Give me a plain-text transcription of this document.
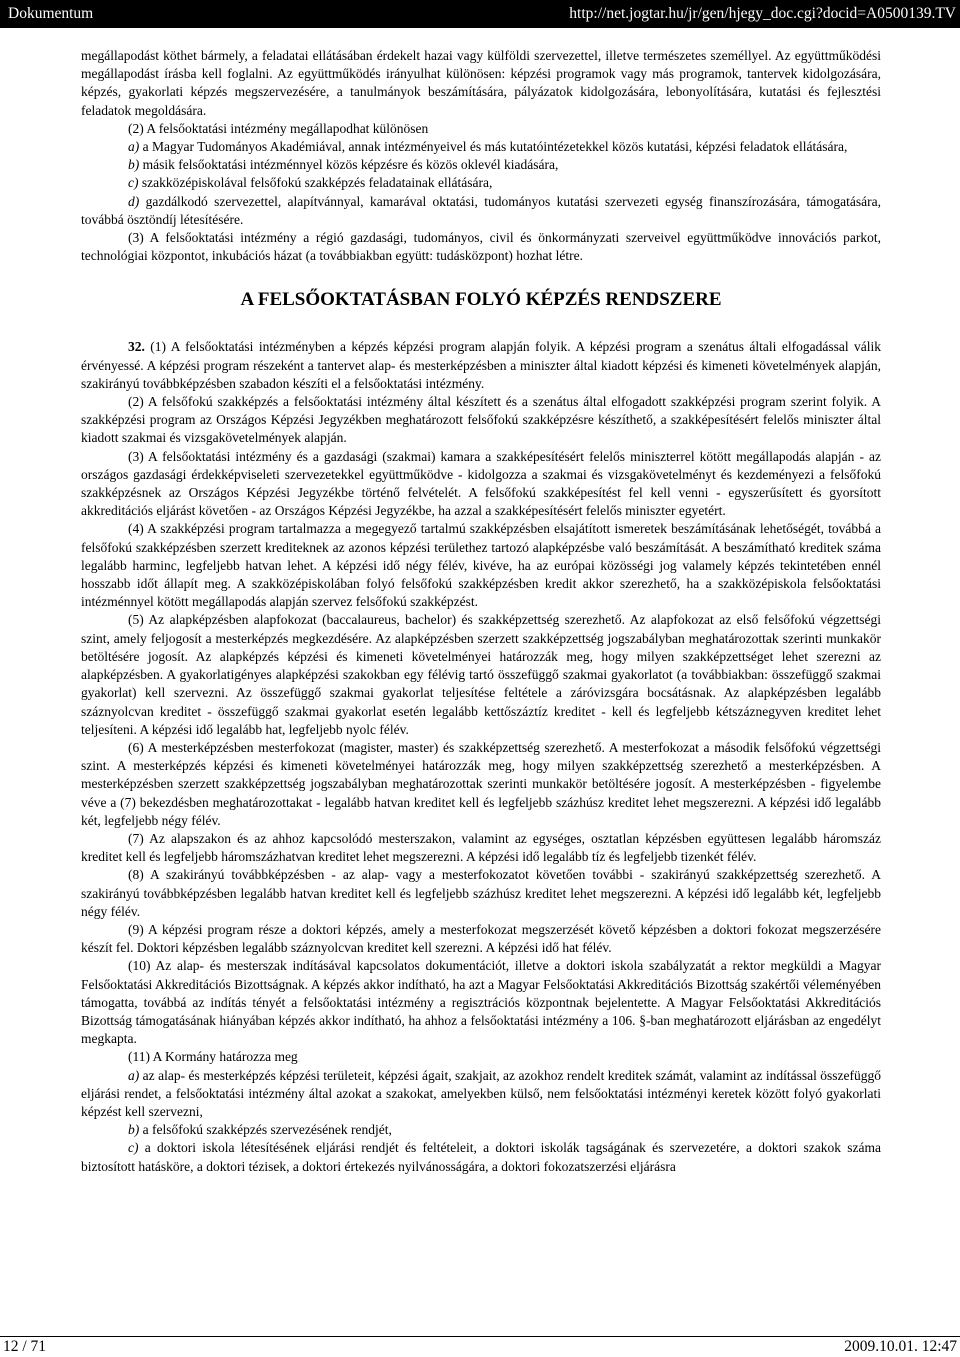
Dokumentum	http://net.jogtar.hu/jr/gen/hjegy_doc.cgi?docid=A0500139.TV

megállapodást köthet bármely, a feladatai ellátásában érdekelt hazai vagy külföldi szervezettel, illetve természetes személlyel. Az együttműködési megállapodást írásba kell foglalni. Az együttműködés irányulhat különösen: képzési programok vagy más programok, tantervek kidolgozására, képzés, gyakorlati képzés megszervezésére, a tanulmányok beszámítására, pályázatok kidolgozására, lebonyolítására, kutatási és fejlesztési feladatok megoldására.

(2) A felsőoktatási intézmény megállapodhat különösen

a) a Magyar Tudományos Akadémiával, annak intézményeivel és más kutatóintézetekkel közös kutatási, képzési feladatok ellátására,

b) másik felsőoktatási intézménnyel közös képzésre és közös oklevél kiadására,

c) szakközépiskolával felsőfokú szakképzés feladatainak ellátására,

d) gazdálkodó szervezettel, alapítvánnyal, kamarával oktatási, tudományos kutatási szervezeti egység finanszírozására, támogatására, továbbá ösztöndíj létesítésére.

(3) A felsőoktatási intézmény a régió gazdasági, tudományos, civil és önkormányzati szerveivel együttműködve innovációs parkot, technológiai központot, inkubációs házat (a továbbiakban együtt: tudásközpont) hozhat létre.

A FELSŐOKTATÁSBAN FOLYÓ KÉPZÉS RENDSZERE

32. (1) A felsőoktatási intézményben a képzés képzési program alapján folyik. A képzési program a szenátus általi elfogadással válik érvényessé. A képzési program részeként a tantervet alap- és mesterképzésben a miniszter által kiadott képzési és kimeneti követelmények alapján, szakirányú továbbképzésben szabadon készíti el a felsőoktatási intézmény.

(2) A felsőfokú szakképzés a felsőoktatási intézmény által készített és a szenátus által elfogadott szakképzési program szerint folyik. A szakképzési program az Országos Képzési Jegyzékben meghatározott felsőfokú szakképzésre készíthető, a szakképesítésért felelős miniszter által kiadott szakmai és vizsgakövetelmények alapján.

(3) A felsőoktatási intézmény és a gazdasági (szakmai) kamara a szakképesítésért felelős miniszterrel kötött megállapodás alapján - az országos gazdasági érdekképviseleti szervezetekkel együttműködve - kidolgozza a szakmai és vizsgakövetelményt és kezdeményezi a felsőfokú szakképzésnek az Országos Képzési Jegyzékbe történő felvételét. A felsőfokú szakképesítést fel kell venni - egyszerűsített és gyorsított akkreditációs eljárást követően - az Országos Képzési Jegyzékbe, ha azzal a szakképesítésért felelős miniszter egyetért.

(4) A szakképzési program tartalmazza a megegyező tartalmú szakképzésben elsajátított ismeretek beszámításának lehetőségét, továbbá a felsőfokú szakképzésben szerzett krediteknek az azonos képzési területhez tartozó alapképzésbe való beszámítását. A beszámítható kreditek száma legalább harminc, legfeljebb hatvan lehet. A képzési idő négy félév, kivéve, ha az európai közösségi jog valamely képzés tekintetében ennél hosszabb időt állapít meg. A szakközépiskolában folyó felsőfokú szakképzésben kredit akkor szerezhető, ha a szakközépiskola felsőoktatási intézménnyel kötött megállapodás alapján szervez felsőfokú szakképzést.

(5) Az alapképzésben alapfokozat (baccalaureus, bachelor) és szakképzettség szerezhető. Az alapfokozat az első felsőfokú végzettségi szint, amely feljogosít a mesterképzés megkezdésére. Az alapképzésben szerzett szakképzettség jogszabályban meghatározottak szerinti munkakör betöltésére jogosít. Az alapképzés képzési és kimeneti követelményei határozzák meg, hogy milyen szakképzettséget lehet szerezni az alapképzésben. A gyakorlatigényes alapképzési szakokban egy félévig tartó összefüggő szakmai gyakorlatot (a továbbiakban: összefüggő szakmai gyakorlat) kell szervezni. Az összefüggő szakmai gyakorlat teljesítése feltétele a záróvizsgára bocsátásnak. Az alapképzésben legalább száznyolcvan kreditet - összefüggő szakmai gyakorlat esetén legalább kettőszáztíz kreditet - kell és legfeljebb kétszáznegyven kreditet lehet teljesíteni. A képzési idő legalább hat, legfeljebb nyolc félév.

(6) A mesterképzésben mesterfokozat (magister, master) és szakképzettség szerezhető. A mesterfokozat a második felsőfokú végzettségi szint. A mesterképzés képzési és kimeneti követelményei határozzák meg, hogy milyen szakképzettség szerezhető a mesterképzésben. A mesterképzésben szerzett szakképzettség jogszabályban meghatározottak szerinti munkakör betöltésére jogosít. A mesterképzésben - figyelembe véve a (7) bekezdésben meghatározottakat - legalább hatvan kreditet kell és legfeljebb százhúsz kreditet lehet megszerezni. A képzési idő legalább két, legfeljebb négy félév.

(7) Az alapszakon és az ahhoz kapcsolódó mesterszakon, valamint az egységes, osztatlan képzésben együttesen legalább háromszáz kreditet kell és legfeljebb háromszázhatvan kreditet lehet megszerezni. A képzési idő legalább tíz és legfeljebb tizenkét félév.

(8) A szakirányú továbbképzésben - az alap- vagy a mesterfokozatot követően további - szakirányú szakképzettség szerezhető. A szakirányú továbbképzésben legalább hatvan kreditet kell és legfeljebb százhúsz kreditet lehet megszerezni. A képzési idő legalább két, legfeljebb négy félév.

(9) A képzési program része a doktori képzés, amely a mesterfokozat megszerzését követő képzésben a doktori fokozat megszerzésére készít fel. Doktori képzésben legalább száznyolcvan kreditet kell szerezni. A képzési idő hat félév.

(10) Az alap- és mesterszak indításával kapcsolatos dokumentációt, illetve a doktori iskola szabályzatát a rektor megküldi a Magyar Felsőoktatási Akkreditációs Bizottságnak. A képzés akkor indítható, ha azt a Magyar Felsőoktatási Akkreditációs Bizottság szakértői véleményében támogatta, továbbá az indítás tényét a felsőoktatási intézmény a regisztrációs központnak bejelentette. A Magyar Felsőoktatási Akkreditációs Bizottság támogatásának hiányában képzés akkor indítható, ha ahhoz a felsőoktatási intézmény a 106. §-ban meghatározott eljárásban az engedélyt megkapta.

(11) A Kormány határozza meg

a) az alap- és mesterképzés képzési területeit, képzési ágait, szakjait, az azokhoz rendelt kreditek számát, valamint az indítással összefüggő eljárási rendet, a felsőoktatási intézmény által azokat a szakokat, amelyekben külső, nem felsőoktatási intézményi keretek között folyó gyakorlati képzést kell szervezni,

b) a felsőfokú szakképzés szervezésének rendjét,

c) a doktori iskola létesítésének eljárási rendjét és feltételeit, a doktori iskolák tagságának és szervezetére, a doktori szakok száma biztosított hatásköre, a doktori tézisek, a doktori értekezés nyilvánosságára, a doktori fokozatszerzési eljárásra

12 / 71	2009.10.01. 12:47
